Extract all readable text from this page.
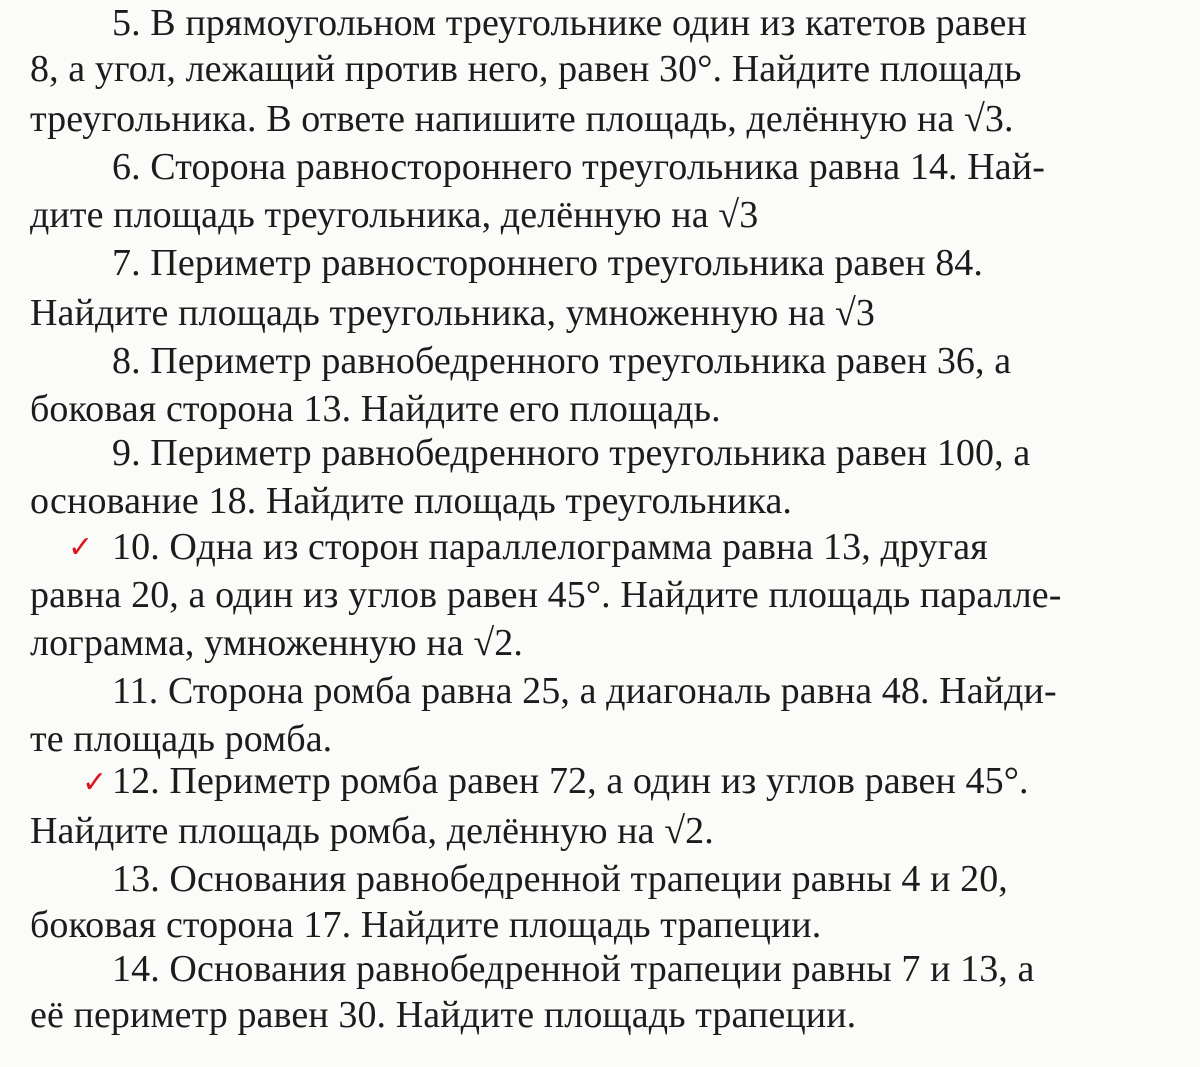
5. В прямоугольном треугольнике один из катетов равен
8, а угол, лежащий против него, равен 30°. Найдите площадь
треугольника. В ответе напишите площадь, делённую на √3.
6. Сторона равностороннего треугольника равна 14. Най-
дите площадь треугольника, делённую на √3
7. Периметр равностороннего треугольника равен 84.
Найдите площадь треугольника, умноженную на √3
8. Периметр равнобедренного треугольника равен 36, а
боковая сторона 13. Найдите его площадь.
9. Периметр равнобедренного треугольника равен 100, а
основание 18. Найдите площадь треугольника.
✓ 10. Одна из сторон параллелограмма равна 13, другая
равна 20, а один из углов равен 45°. Найдите площадь паралле-
лограмма, умноженную на √2.
11. Сторона ромба равна 25, а диагональ равна 48. Найди-
те площадь ромба.
✓ 12. Периметр ромба равен 72, а один из углов равен 45°.
Найдите площадь ромба, делённую на √2.
13. Основания равнобедренной трапеции равны 4 и 20,
боковая сторона 17. Найдите площадь трапеции.
14. Основания равнобедренной трапеции равны 7 и 13, а
её периметр равен 30. Найдите площадь трапеции.
